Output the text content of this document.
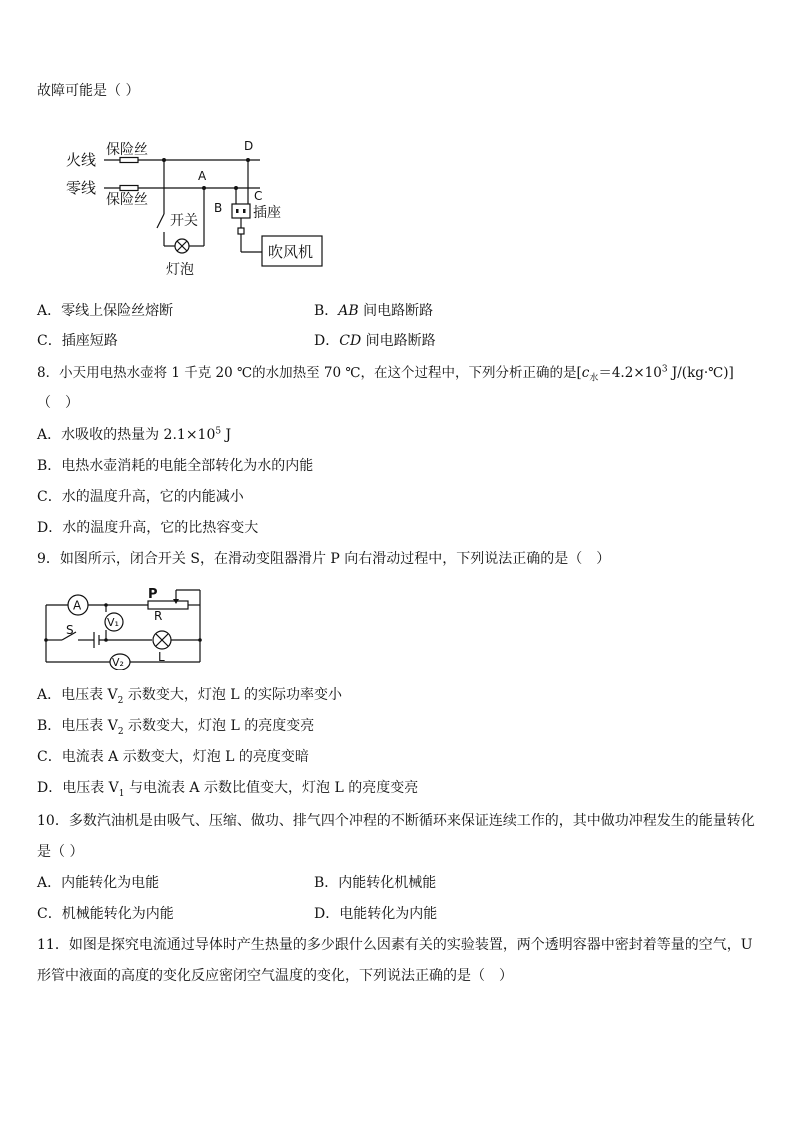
故障可能是（ ）
火线
零线
保险丝
保险丝
A
B
C
D
开关
灯泡
插座
吹风机
A．零线上保险丝熔断	B．AB 间电路断路
C．插座短路	D．CD 间电路断路
8．小天用电热水壶将 1 千克 20 ℃的水加热至 70 ℃，在这个过程中，下列分析正确的是[$c_水=4.2\times 10^3$ J/(kg·℃)]
（　）
A．水吸收的热量为 $2.1\times 10^5$ J
B．电热水壶消耗的电能全部转化为水的内能
C．水的温度升高，它的内能减小
D．水的温度升高，它的比热容变大
9．如图所示，闭合开关 S，在滑动变阻器滑片 P 向右滑动过程中，下列说法正确的是（　）
A
V₁
V₂
P
R
S
L
A．电压表 $V_2$ 示数变大，灯泡 L 的实际功率变小
B．电压表 $V_2$ 示数变大，灯泡 L 的亮度变亮
C．电流表 A 示数变大，灯泡 L 的亮度变暗
D．电压表 $V_1$ 与电流表 A 示数比值变大，灯泡 L 的亮度变亮
10．多数汽油机是由吸气、压缩、做功、排气四个冲程的不断循环来保证连续工作的，其中做功冲程发生的能量转化
是（ ）
A．内能转化为电能	B．内能转化机械能
C．机械能转化为内能	D．电能转化为内能
11．如图是探究电流通过导体时产生热量的多少跟什么因素有关的实验装置，两个透明容器中密封着等量的空气，U
形管中液面的高度的变化反应密闭空气温度的变化，下列说法正确的是（　）
